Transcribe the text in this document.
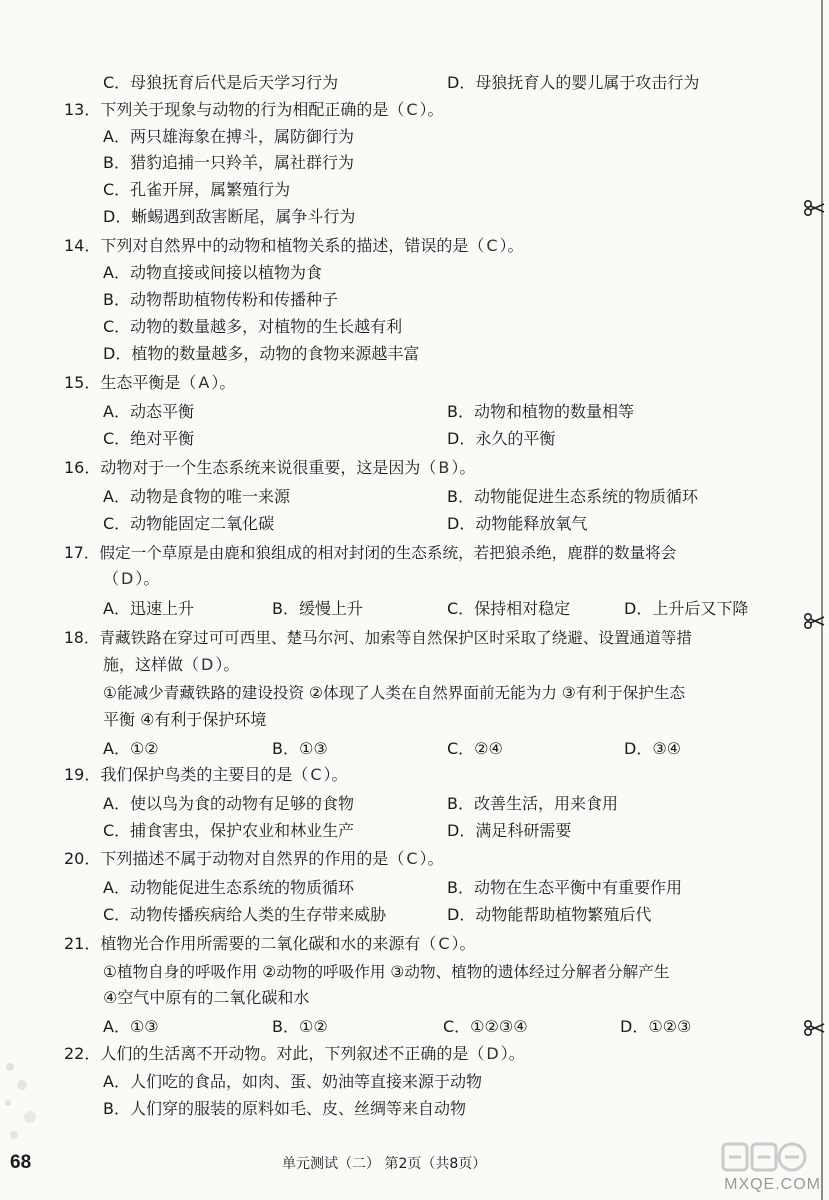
C．母狼抚育后代是后天学习行为	D．母狼抚育人的婴儿属于攻击行为
13．下列关于现象与动物的行为相配正确的是（ C ）。
A．两只雄海象在搏斗，属防御行为
B．猎豹追捕一只羚羊，属社群行为
C．孔雀开屏，属繁殖行为
D．蜥蜴遇到敌害断尾，属争斗行为
14．下列对自然界中的动物和植物关系的描述，错误的是（ C ）。
A．动物直接或间接以植物为食
B．动物帮助植物传粉和传播种子
C．动物的数量越多，对植物的生长越有利
D．植物的数量越多，动物的食物来源越丰富
15．生态平衡是（ A ）。
A．动态平衡	B．动物和植物的数量相等
C．绝对平衡	D．永久的平衡
16．动物对于一个生态系统来说很重要，这是因为（ B ）。
A．动物是食物的唯一来源	B．动物能促进生态系统的物质循环
C．动物能固定二氧化碳	D．动物能释放氧气
17．假定一个草原是由鹿和狼组成的相对封闭的生态系统，若把狼杀绝，鹿群的数量将会
（ D ）。
A．迅速上升	B．缓慢上升	C．保持相对稳定	D．上升后又下降
18．青藏铁路在穿过可可西里、楚马尔河、加索等自然保护区时采取了绕避、设置通道等措
施，这样做（ D ）。
①能减少青藏铁路的建设投资 ②体现了人类在自然界面前无能为力 ③有利于保护生态
平衡 ④有利于保护环境
A．①②	B．①③	C．②④	D．③④
19．我们保护鸟类的主要目的是（ C ）。
A．使以鸟为食的动物有足够的食物	B．改善生活，用来食用
C．捕食害虫，保护农业和林业生产	D．满足科研需要
20．下列描述不属于动物对自然界的作用的是（ C ）。
A．动物能促进生态系统的物质循环	B．动物在生态平衡中有重要作用
C．动物传播疾病给人类的生存带来威胁	D．动物能帮助植物繁殖后代
21．植物光合作用所需要的二氧化碳和水的来源有（ C ）。
①植物自身的呼吸作用 ②动物的呼吸作用 ③动物、植物的遗体经过分解者分解产生
④空气中原有的二氧化碳和水
A．①③	B．①②	C．①②③④	D．①②③
22．人们的生活离不开动物。对此，下列叙述不正确的是（ D ）。
A．人们吃的食品，如肉、蛋、奶油等直接来源于动物
B．人们穿的服装的原料如毛、皮、丝绸等来自动物
68	单元测试（二） 第2页（共8页）
MXQE.COM
